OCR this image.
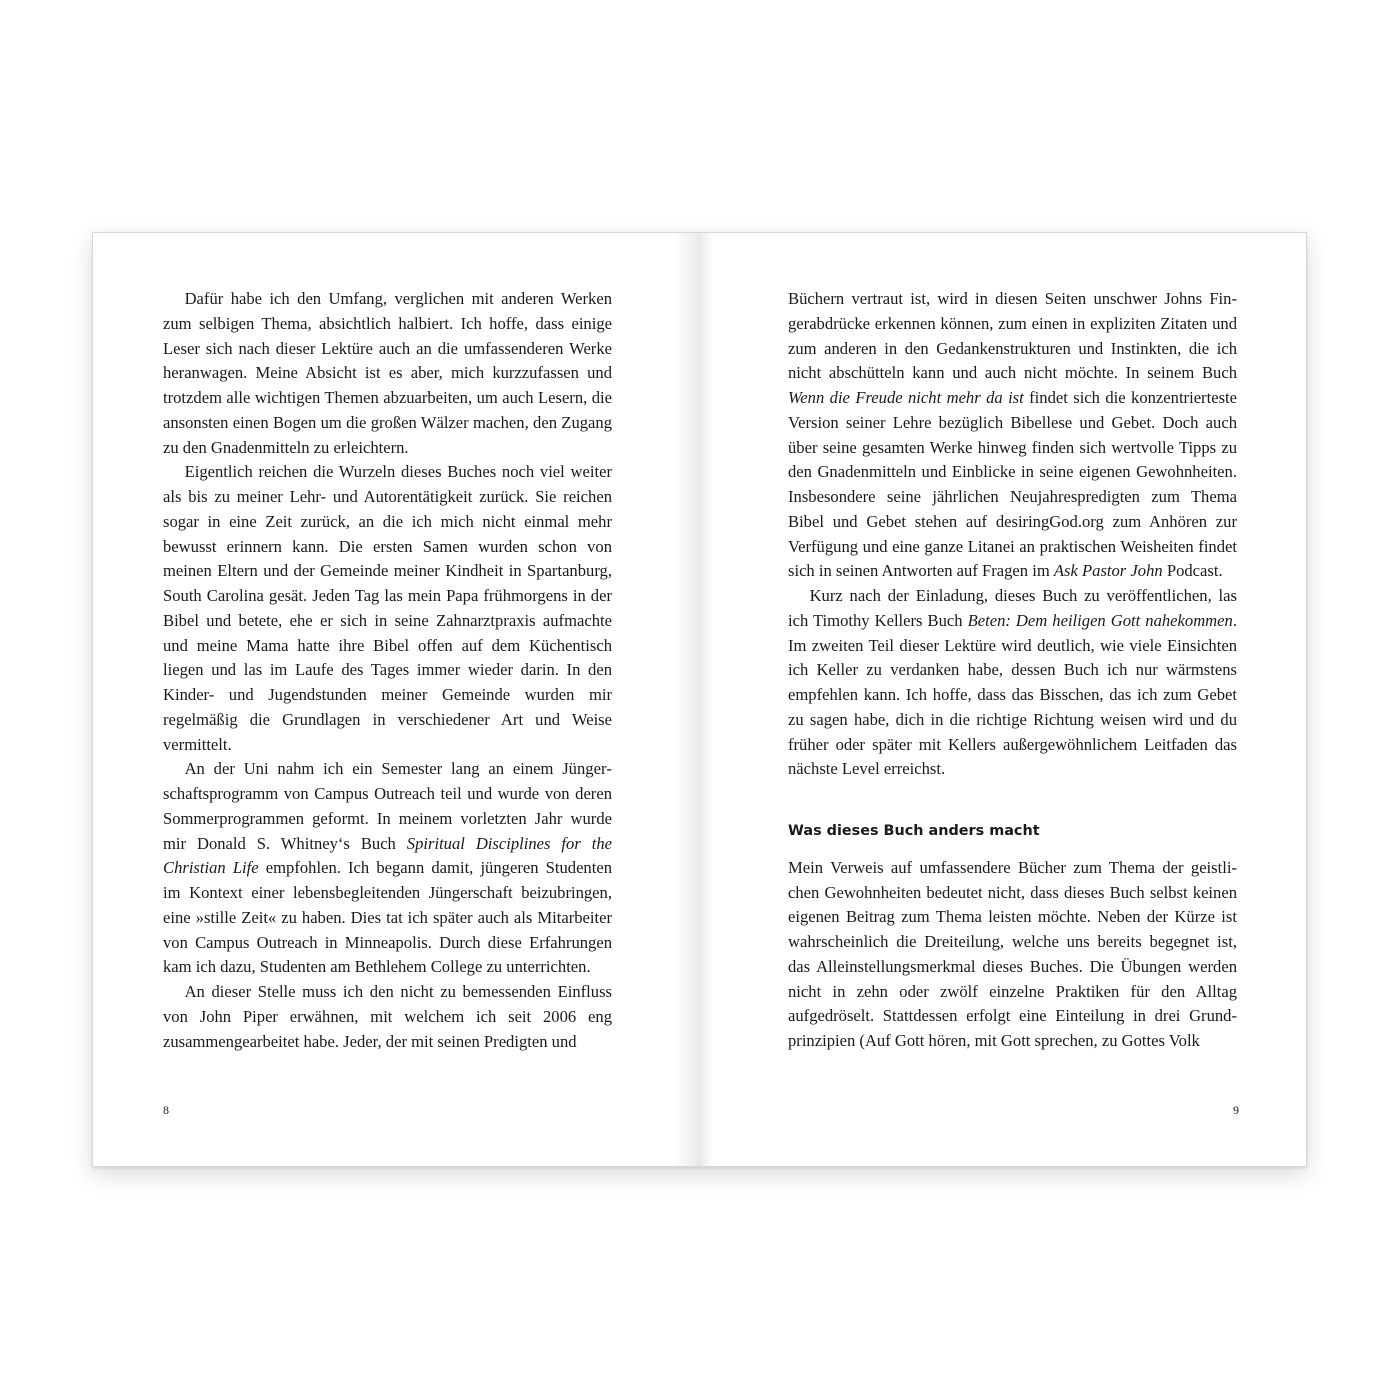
Dafür habe ich den Umfang, verglichen mit anderen Werken zum selbigen Thema, absichtlich halbiert. Ich hoffe, dass einige Leser sich nach dieser Lektüre auch an die umfassenderen Werke heranwagen. Meine Absicht ist es aber, mich kurzzufassen und trotzdem alle wichtigen Themen abzuarbeiten, um auch Lesern, die ansonsten einen Bogen um die großen Wälzer machen, den Zugang zu den Gnadenmitteln zu erleichtern.

Eigentlich reichen die Wurzeln dieses Buches noch viel weiter als bis zu meiner Lehr- und Autorentätigkeit zurück. Sie reichen sogar in eine Zeit zurück, an die ich mich nicht einmal mehr bewusst erinnern kann. Die ersten Samen wurden schon von meinen Eltern und der Gemeinde meiner Kindheit in Spartanburg, South Carolina gesät. Jeden Tag las mein Papa frühmorgens in der Bibel und betete, ehe er sich in seine Zahnarztpraxis aufmachte und meine Mama hatte ihre Bibel offen auf dem Küchentisch liegen und las im Laufe des Tages immer wieder darin. In den Kinder- und Jugendstunden meiner Gemeinde wurden mir regelmäßig die Grundlagen in verschiedener Art und Weise vermittelt.

An der Uni nahm ich ein Semester lang an einem Jüngerschaftsprogramm von Campus Outreach teil und wurde von deren Sommerprogrammen geformt. In meinem vorletzten Jahr wurde mir Donald S. Whitney‘s Buch Spiritual Disciplines for the Christian Life empfohlen. Ich begann damit, jüngeren Studenten im Kontext einer lebensbegleitenden Jüngerschaft beizubringen, eine »stille Zeit« zu haben. Dies tat ich später auch als Mitarbeiter von Campus Outreach in Minneapolis. Durch diese Erfahrungen kam ich dazu, Studenten am Bethlehem College zu unterrichten.

An dieser Stelle muss ich den nicht zu bemessenden Einfluss von John Piper erwähnen, mit welchem ich seit 2006 eng zusammengearbeitet habe. Jeder, der mit seinen Predigten und

8

Büchern vertraut ist, wird in diesen Seiten unschwer Johns Fingerabdrücke erkennen können, zum einen in expliziten Zitaten und zum anderen in den Gedankenstrukturen und Instinkten, die ich nicht abschütteln kann und auch nicht möchte. In seinem Buch Wenn die Freude nicht mehr da ist findet sich die konzentrierteste Version seiner Lehre bezüglich Bibellese und Gebet. Doch auch über seine gesamten Werke hinweg finden sich wertvolle Tipps zu den Gnadenmitteln und Einblicke in seine eigenen Gewohnheiten. Insbesondere seine jährlichen Neujahrespredigten zum Thema Bibel und Gebet stehen auf desiringGod.org zum Anhören zur Verfügung und eine ganze Litanei an praktischen Weisheiten findet sich in seinen Antworten auf Fragen im Ask Pastor John Podcast.

Kurz nach der Einladung, dieses Buch zu veröffentlichen, las ich Timothy Kellers Buch Beten: Dem heiligen Gott nahekommen. Im zweiten Teil dieser Lektüre wird deutlich, wie viele Einsichten ich Keller zu verdanken habe, dessen Buch ich nur wärmstens empfehlen kann. Ich hoffe, dass das Bisschen, das ich zum Gebet zu sagen habe, dich in die richtige Richtung weisen wird und du früher oder später mit Kellers außergewöhnlichem Leitfaden das nächste Level erreichst.

Was dieses Buch anders macht

Mein Verweis auf umfassendere Bücher zum Thema der geistlichen Gewohnheiten bedeutet nicht, dass dieses Buch selbst keinen eigenen Beitrag zum Thema leisten möchte. Neben der Kürze ist wahrscheinlich die Dreiteilung, welche uns bereits begegnet ist, das Alleinstellungsmerkmal dieses Buches. Die Übungen werden nicht in zehn oder zwölf einzelne Praktiken für den Alltag aufgedröselt. Stattdessen erfolgt eine Einteilung in drei Grundprinzipien (Auf Gott hören, mit Gott sprechen, zu Gottes Volk

9
